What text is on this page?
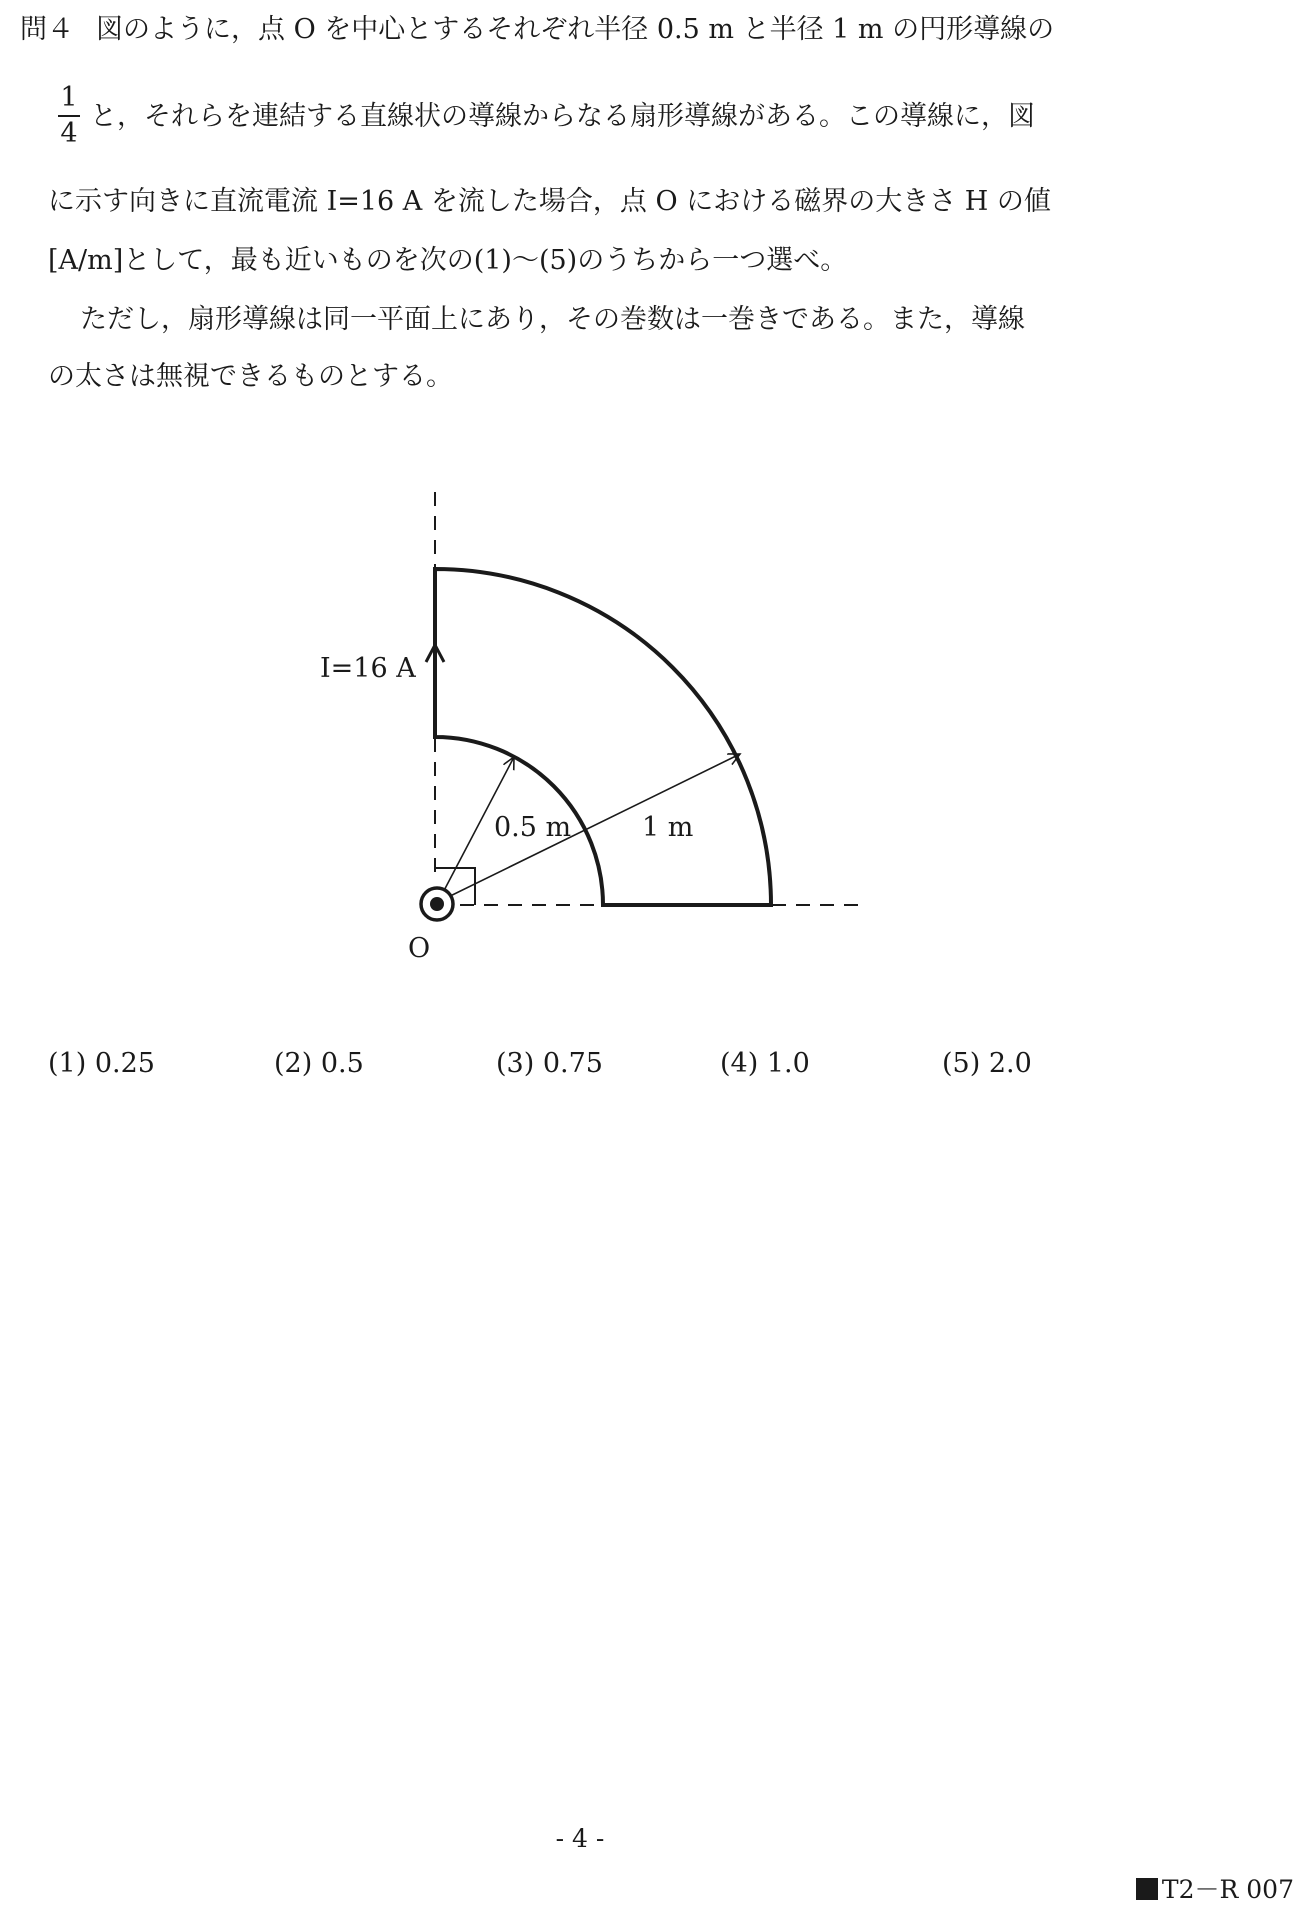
問４ 図のように，点 O を中心とするそれぞれ半径 0.5 m と半径 1 m の円形導線の
1
4
と，それらを連結する直線状の導線からなる扇形導線がある。この導線に，図
に示す向きに直流電流 I=16 A を流した場合，点 O における磁界の大きさ H の値
[A/m]として，最も近いものを次の(1)～(5)のうちから一つ選べ。
ただし，扇形導線は同一平面上にあり，その巻数は一巻きである。また，導線
の太さは無視できるものとする。
I=16 A
0.5 m	1 m
O
(1) 0.25	(2) 0.5	(3) 0.75	(4) 1.0	(5) 2.0
- 4 -
T2－R 007
